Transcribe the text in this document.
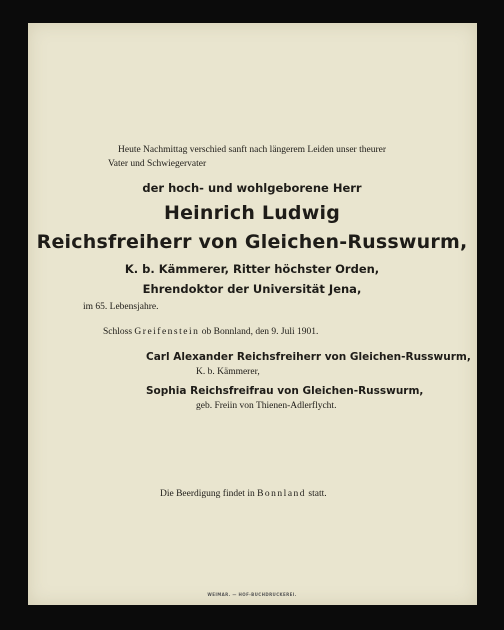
Heute Nachmittag verschied sanft nach längerem Leiden unser theurer
Vater und Schwiegervater
der hoch- und wohlgeborene Herr
Heinrich Ludwig
Reichsfreiherr von Gleichen-Russwurm,
K. b. Kämmerer, Ritter höchster Orden,
Ehrendoktor der Universität Jena,
im 65. Lebensjahre.
Schloss Greifenstein ob Bonnland, den 9. Juli 1901.
Carl Alexander Reichsfreiherr von Gleichen-Russwurm,
K. b. Kämmerer,
Sophia Reichsfreifrau von Gleichen-Russwurm,
geb. Freiin von Thienen-Adlerflycht.
Die Beerdigung findet in Bonnland statt.
WEIMAR. — HOF-BUCHDRUCKEREI.
